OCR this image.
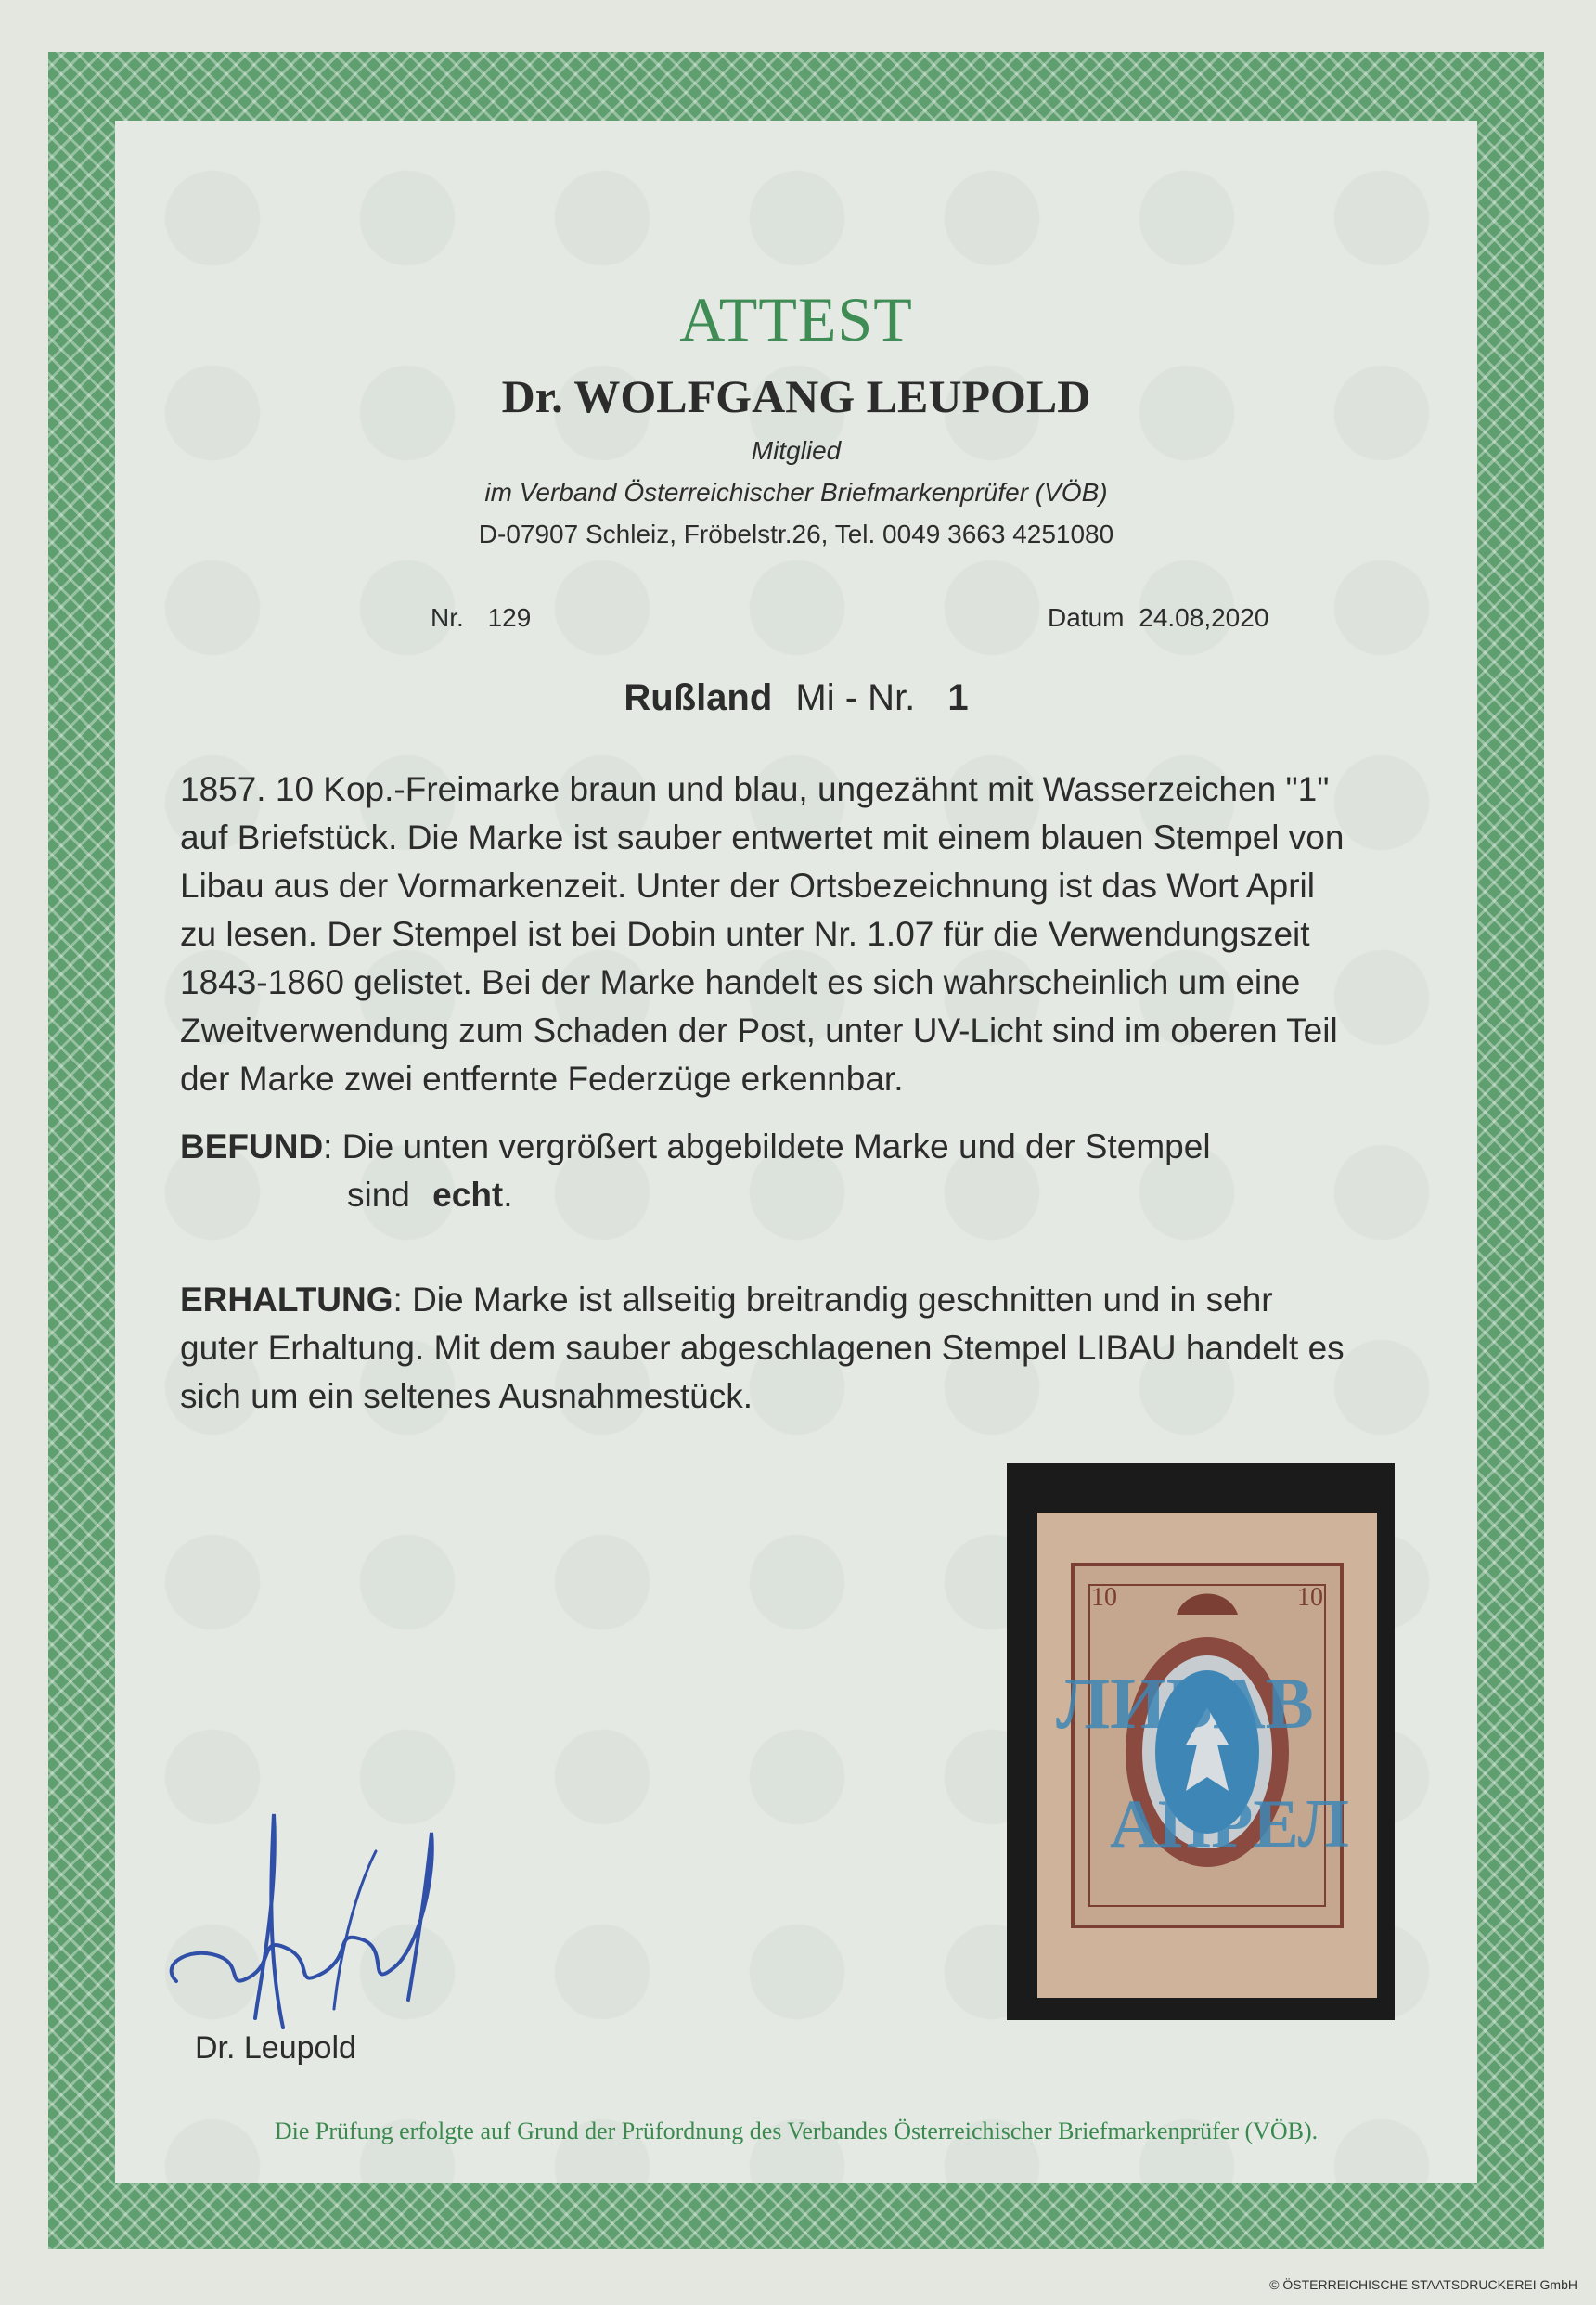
ATTEST
Dr. WOLFGANG LEUPOLD
Mitglied
im Verband Österreichischer Briefmarkenprüfer (VÖB)
D-07907 Schleiz, Fröbelstr.26, Tel. 0049 3663 4251080
Nr. 129	Datum 24.08,2020
Rußland Mi - Nr. 1
1857. 10 Kop.-Freimarke braun und blau, ungezähnt mit Wasserzeichen "1"
auf Briefstück. Die Marke ist sauber entwertet mit einem blauen Stempel von
Libau aus der Vormarkenzeit. Unter der Ortsbezeichnung ist das Wort April
zu lesen. Der Stempel ist bei Dobin unter Nr. 1.07 für die Verwendungszeit
1843-1860 gelistet. Bei der Marke handelt es sich wahrscheinlich um eine
Zweitverwendung zum Schaden der Post, unter UV-Licht sind im oberen Teil
der Marke zwei entfernte Federzüge erkennbar.
BEFUND: Die unten vergrößert abgebildete Marke und der Stempel
sind echt.
ERHALTUNG: Die Marke ist allseitig breitrandig geschnitten und in sehr
guter Erhaltung. Mit dem sauber abgeschlagenen Stempel LIBAU handelt es
sich um ein seltenes Ausnahmestück.
Dr. Leupold
Die Prüfung erfolgte auf Grund der Prüfordnung des Verbandes Österreichischer Briefmarkenprüfer (VÖB).
10	10
ЛИБАВ
АПРЕЛ
© ÖSTERREICHISCHE STAATSDRUCKEREI GmbH
